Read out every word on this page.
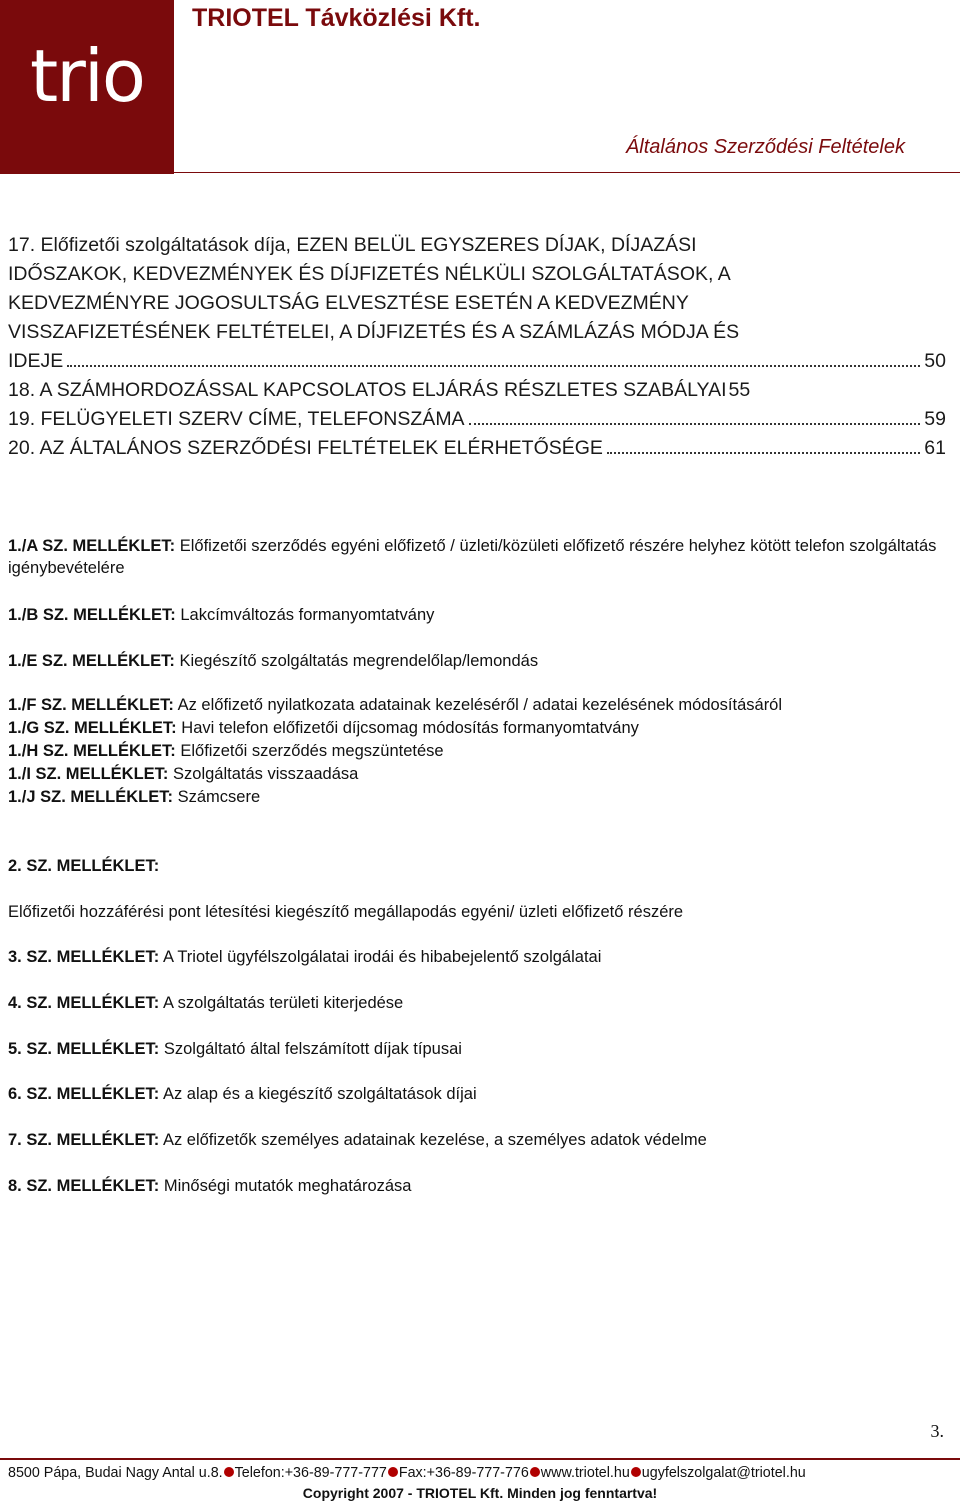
trio
TRIOTEL Távközlési Kft.
Általános Szerződési Feltételek
17. Előfizetői szolgáltatások díja, EZEN BELÜL EGYSZERES DÍJAK, DÍJAZÁSI
IDŐSZAKOK, KEDVEZMÉNYEK ÉS DÍJFIZETÉS NÉLKÜLI SZOLGÁLTATÁSOK, A
KEDVEZMÉNYRE JOGOSULTSÁG ELVESZTÉSE ESETÉN A KEDVEZMÉNY
VISSZAFIZETÉSÉNEK FELTÉTELEI, A DÍJFIZETÉS ÉS A SZÁMLÁZÁS MÓDJA ÉS
IDEJE	50
18. A SZÁMHORDOZÁSSAL KAPCSOLATOS ELJÁRÁS RÉSZLETES SZABÁLYAI 55
19. FELÜGYELETI SZERV CÍME, TELEFONSZÁMA	59
20. AZ ÁLTALÁNOS SZERZŐDÉSI FELTÉTELEK ELÉRHETŐSÉGE	61
1./A SZ. MELLÉKLET: Előfizetői szerződés egyéni előfizető / üzleti/közületi előfizető részére helyhez kötött telefon szolgáltatás igénybevételére
1./B SZ. MELLÉKLET: Lakcímváltozás formanyomtatvány
1./E SZ. MELLÉKLET: Kiegészítő szolgáltatás megrendelőlap/lemondás
1./F SZ. MELLÉKLET: Az előfizető nyilatkozata adatainak kezeléséről / adatai kezelésének módosításáról
1./G SZ. MELLÉKLET: Havi telefon előfizetői díjcsomag módosítás formanyomtatvány
1./H SZ. MELLÉKLET: Előfizetői szerződés megszüntetése
1./I SZ. MELLÉKLET: Szolgáltatás visszaadása
1./J SZ. MELLÉKLET: Számcsere
2. SZ. MELLÉKLET:
Előfizetői hozzáférési pont létesítési kiegészítő megállapodás egyéni/ üzleti előfizető részére
3. SZ. MELLÉKLET: A Triotel ügyfélszolgálatai irodái és hibabejelentő szolgálatai
4. SZ. MELLÉKLET: A szolgáltatás területi kiterjedése
5. SZ. MELLÉKLET: Szolgáltató által felszámított díjak típusai
6. SZ. MELLÉKLET: Az alap és a kiegészítő szolgáltatások díjai
7. SZ. MELLÉKLET: Az előfizetők személyes adatainak kezelése, a személyes adatok védelme
8. SZ. MELLÉKLET: Minőségi mutatók meghatározása
3.
8500 Pápa, Budai Nagy Antal u.8. Telefon:+36-89-777-777 Fax:+36-89-777-776 www.triotel.hu ugyfelszolgalat@triotel.hu
Copyright 2007 - TRIOTEL Kft. Minden jog fenntartva!
